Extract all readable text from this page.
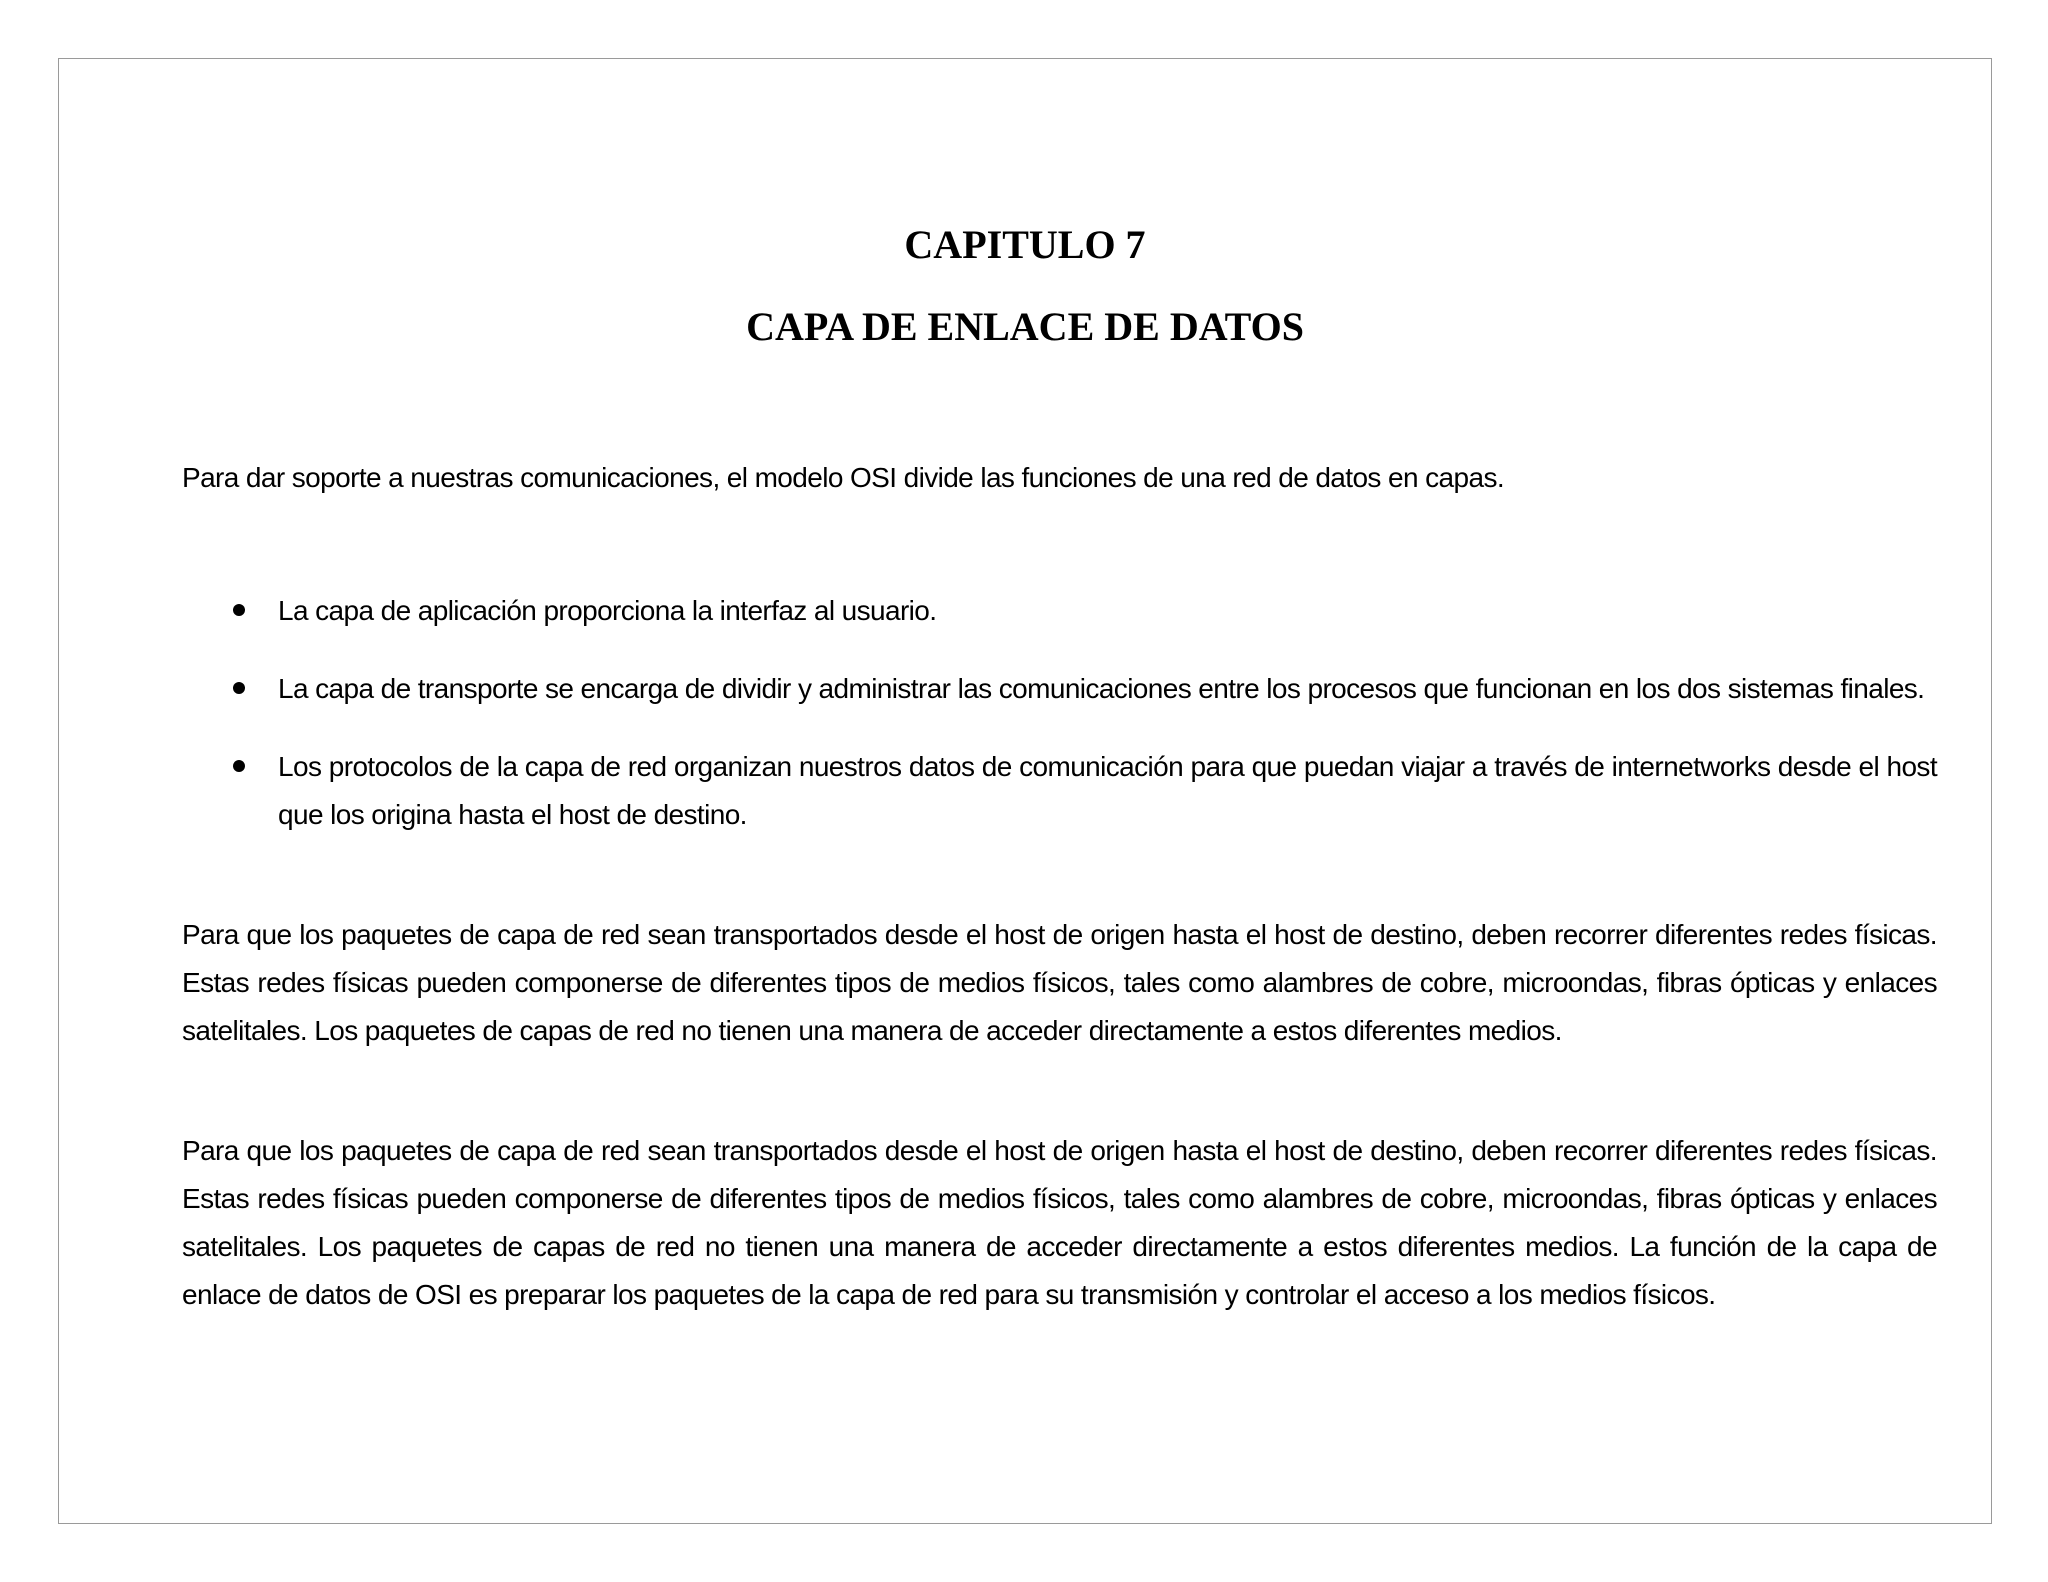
CAPITULO 7
CAPA DE ENLACE DE DATOS

Para dar soporte a nuestras comunicaciones, el modelo OSI divide las funciones de una red de datos en capas.

La capa de aplicación proporciona la interfaz al usuario.
La capa de transporte se encarga de dividir y administrar las comunicaciones entre los procesos que funcionan en los dos sistemas finales.
Los protocolos de la capa de red organizan nuestros datos de comunicación para que puedan viajar a través de internetworks desde el host que los origina hasta el host de destino.

Para que los paquetes de capa de red sean transportados desde el host de origen hasta el host de destino, deben recorrer diferentes redes físicas. Estas redes físicas pueden componerse de diferentes tipos de medios físicos, tales como alambres de cobre, microondas, fibras ópticas y enlaces satelitales. Los paquetes de capas de red no tienen una manera de acceder directamente a estos diferentes medios.

Para que los paquetes de capa de red sean transportados desde el host de origen hasta el host de destino, deben recorrer diferentes redes físicas. Estas redes físicas pueden componerse de diferentes tipos de medios físicos, tales como alambres de cobre, microondas, fibras ópticas y enlaces satelitales. Los paquetes de capas de red no tienen una manera de acceder directamente a estos diferentes medios. La función de la capa de enlace de datos de OSI es preparar los paquetes de la capa de red para su transmisión y controlar el acceso a los medios físicos.
